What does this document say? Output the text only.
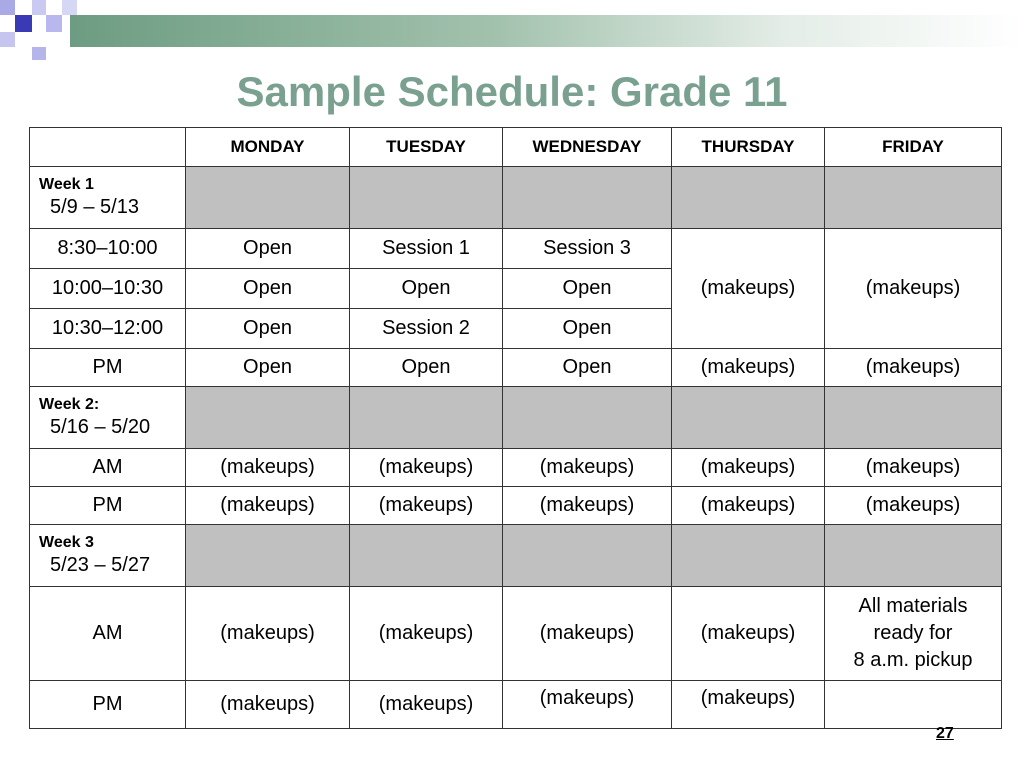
Sample Schedule: Grade 11
	MONDAY	TUESDAY	WEDNESDAY	THURSDAY	FRIDAY

Week 1
5/9 – 5/13					

8:30–10:00	Open	Session 1	Session 3	(makeups)	(makeups)
10:00–10:30	Open	Open	Open		
10:30–12:00	Open	Session 2	Open		
PM	Open	Open	Open	(makeups)	(makeups)

Week 2:
5/16 – 5/20					

AM	(makeups)	(makeups)	(makeups)	(makeups)	(makeups)
PM	(makeups)	(makeups)	(makeups)	(makeups)	(makeups)

Week 3
5/23 – 5/27					

AM	(makeups)	(makeups)	(makeups)	(makeups)	All materials
ready for
8 a.m. pickup

PM	(makeups)	(makeups)	(makeups)	(makeups)	
27
